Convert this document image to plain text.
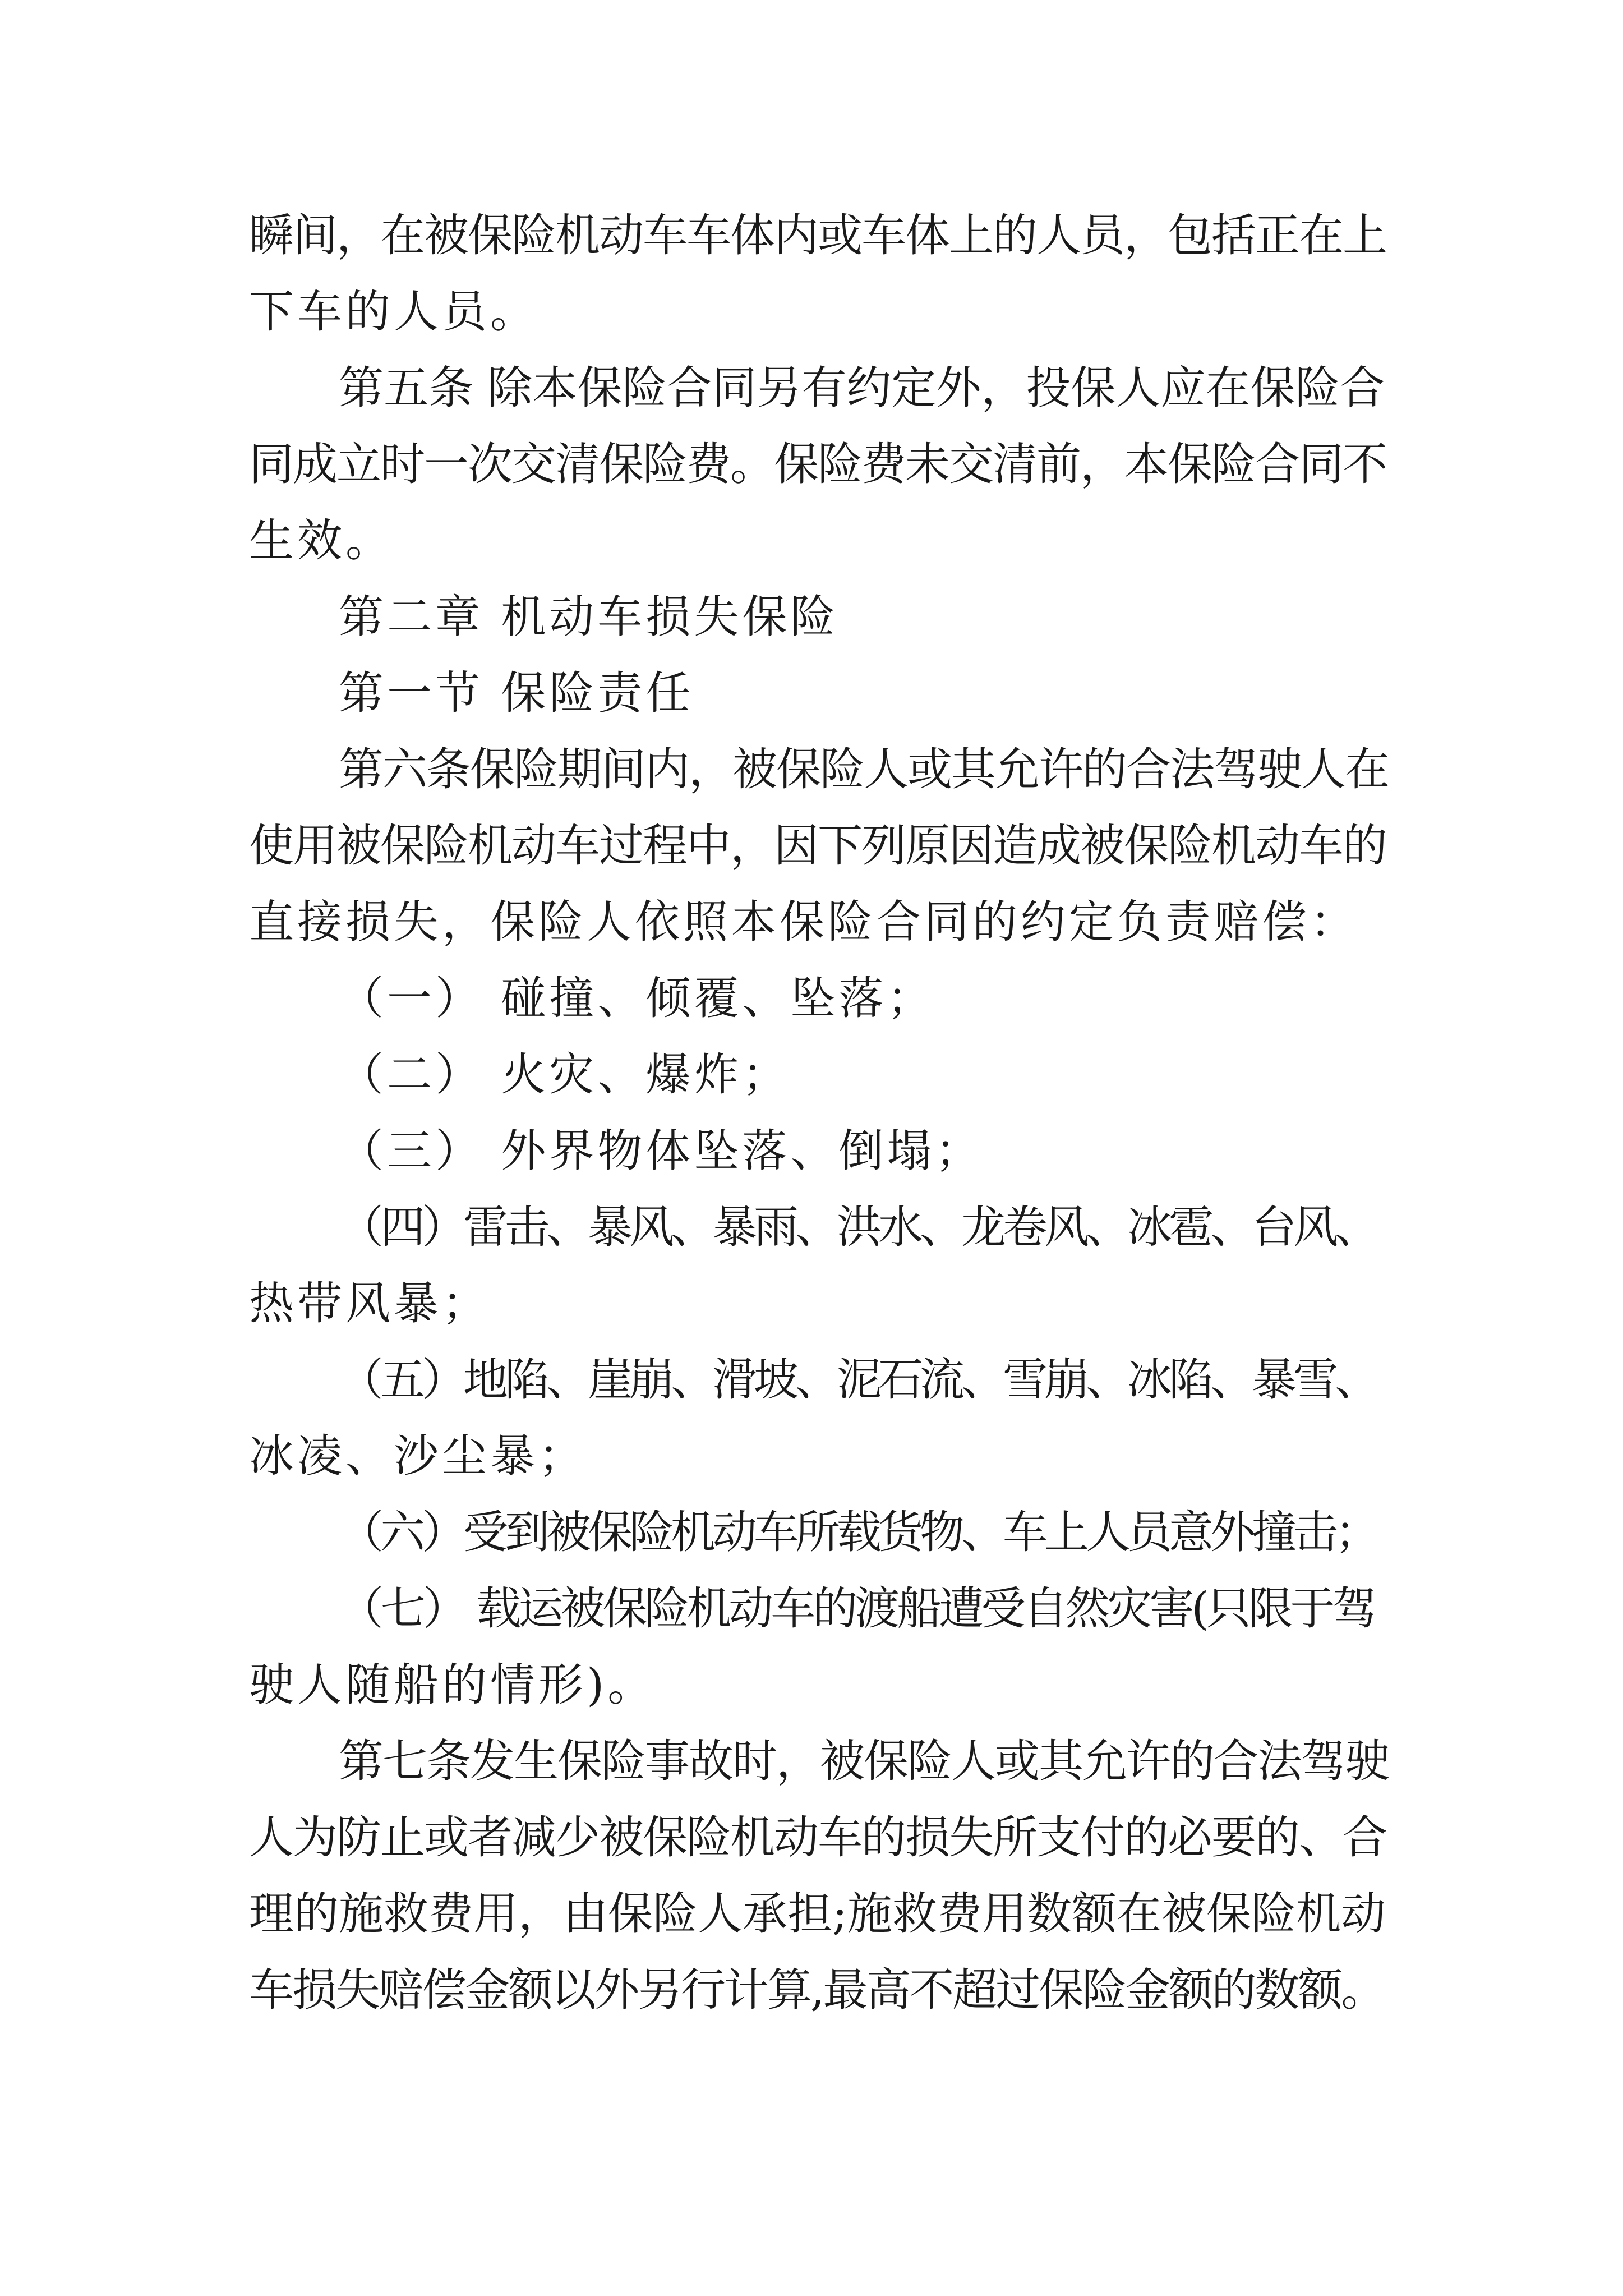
瞬间，在被保险机动车车体内或车体上的人员，包括正在上
下车的人员。
第五条 除本保险合同另有约定外，投保人应在保险合
同成立时一次交清保险费。保险费未交清前，本保险合同不
生效。
第二章 机动车损失保险
第一节 保险责任
第六条保险期间内，被保险人或其允许的合法驾驶人在
使用被保险机动车过程中，因下列原因造成被保险机动车的
直接损失，保险人依照本保险合同的约定负责赔偿：
（一） 碰撞、倾覆、坠落；
（二） 火灾、爆炸；
（三） 外界物体坠落、倒塌；
（四）雷击、暴风、暴雨、洪水、龙卷风、冰雹、台风、
热带风暴；
（五）地陷、崖崩、滑坡、泥石流、雪崩、冰陷、暴雪、
冰凌、沙尘暴；
（六）受到被保险机动车所载货物、车上人员意外撞击；
（七） 载运被保险机动车的渡船遭受自然灾害(只限于驾
驶人随船的情形)。
第七条发生保险事故时，被保险人或其允许的合法驾驶
人为防止或者减少被保险机动车的损失所支付的必要的、合
理的施救费用，由保险人承担;施救费用数额在被保险机动
车损失赔偿金额以外另行计算,最高不超过保险金额的数额。
